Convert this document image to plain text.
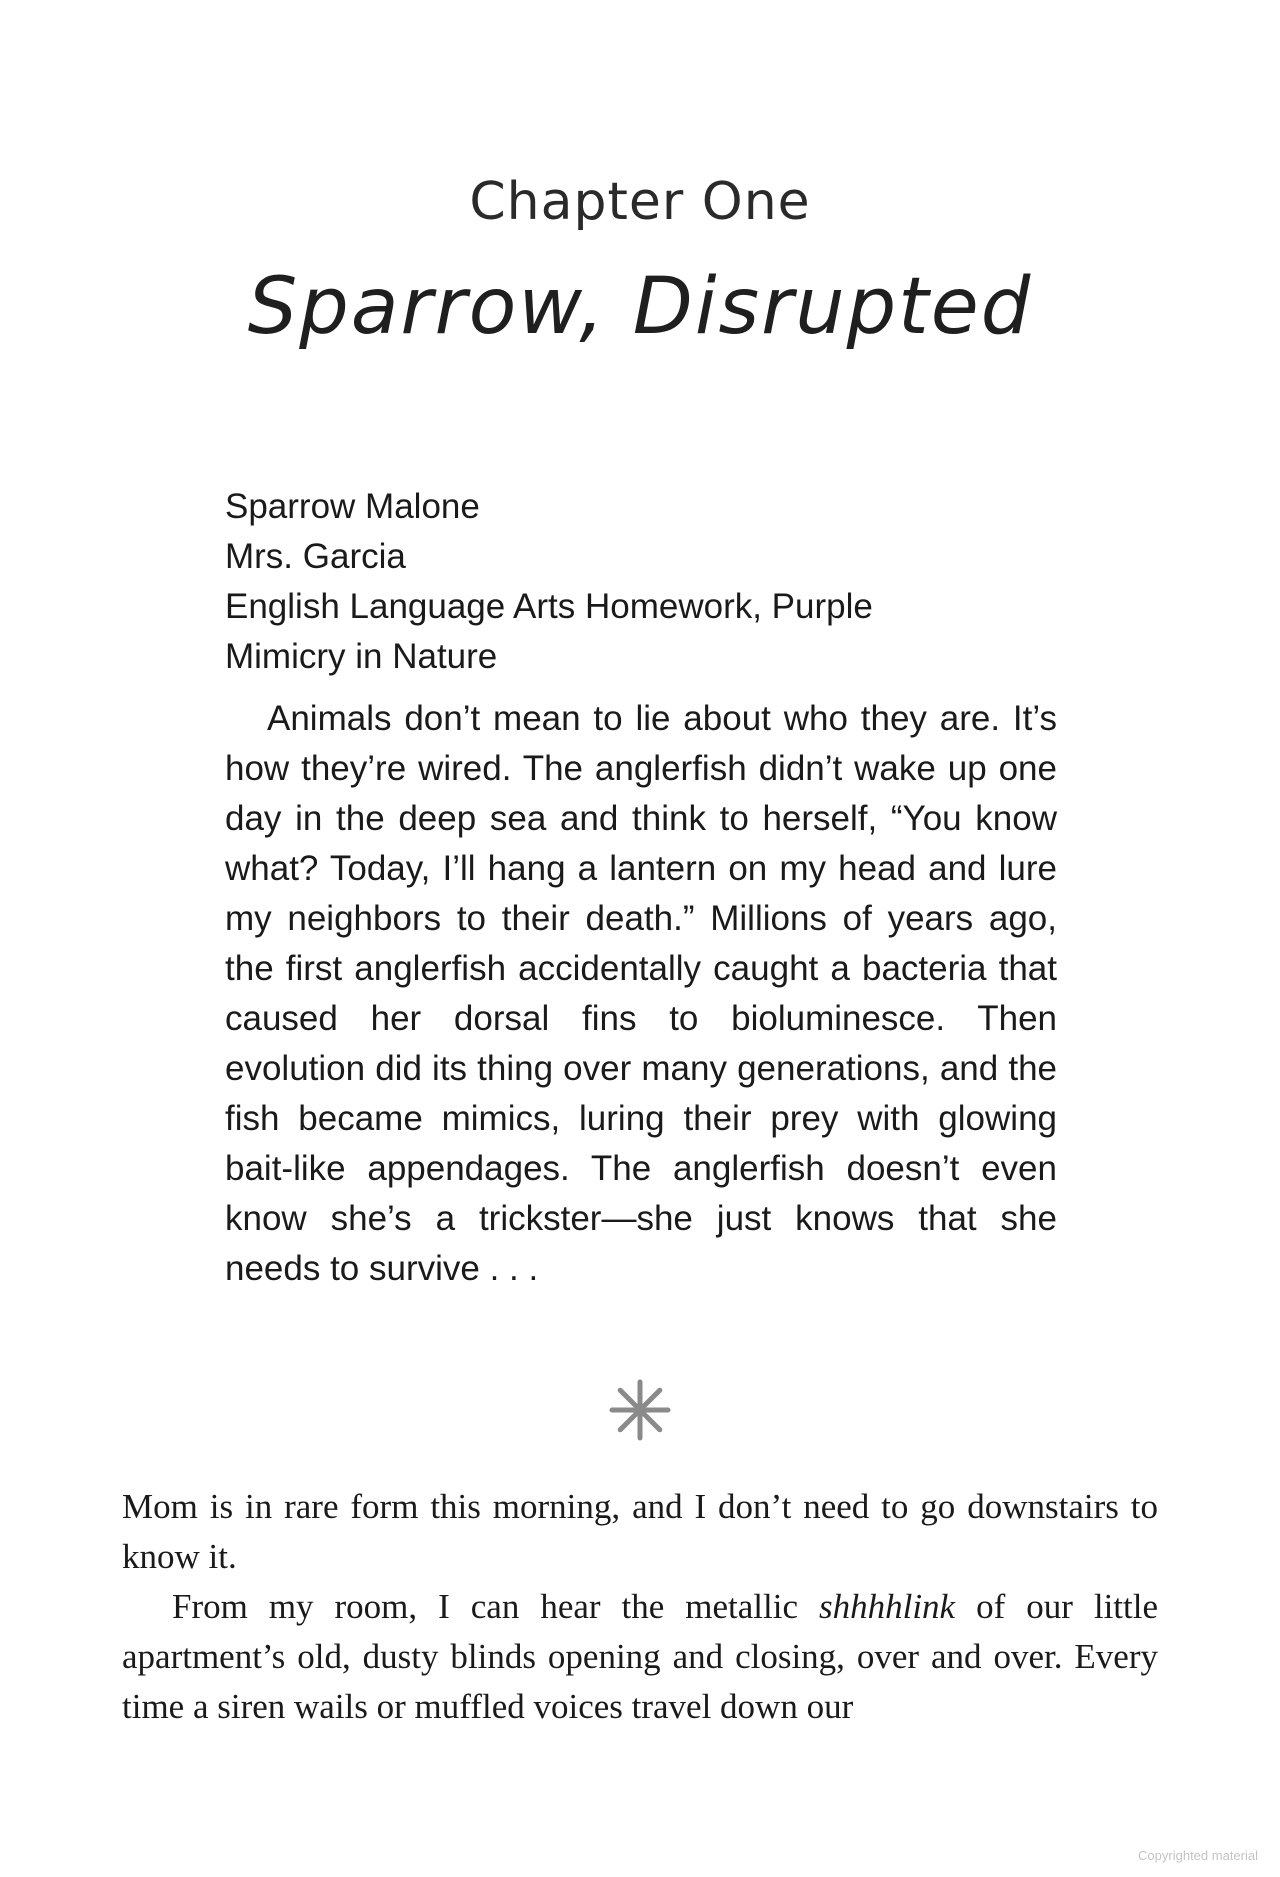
Chapter One
Sparrow, Disrupted
Sparrow Malone
Mrs. Garcia
English Language Arts Homework, Purple
Mimicry in Nature
Animals don’t mean to lie about who they are. It’s how they’re wired. The anglerfish didn’t wake up one day in the deep sea and think to herself, “You know what? Today, I’ll hang a lantern on my head and lure my neighbors to their death.” Millions of years ago, the first anglerfish accidentally caught a bacteria that caused her dorsal fins to bioluminesce. Then evolution did its thing over many generations, and the fish became mimics, luring their prey with glowing bait-like appendages. The anglerfish doesn’t even know she’s a trickster—she just knows that she needs to survive . . .

Mom is in rare form this morning, and I don’t need to go downstairs to know it.

From my room, I can hear the metallic shhhhlink of our little apartment’s old, dusty blinds opening and closing, over and over. Every time a siren wails or muffled voices travel down our

Copyrighted material
